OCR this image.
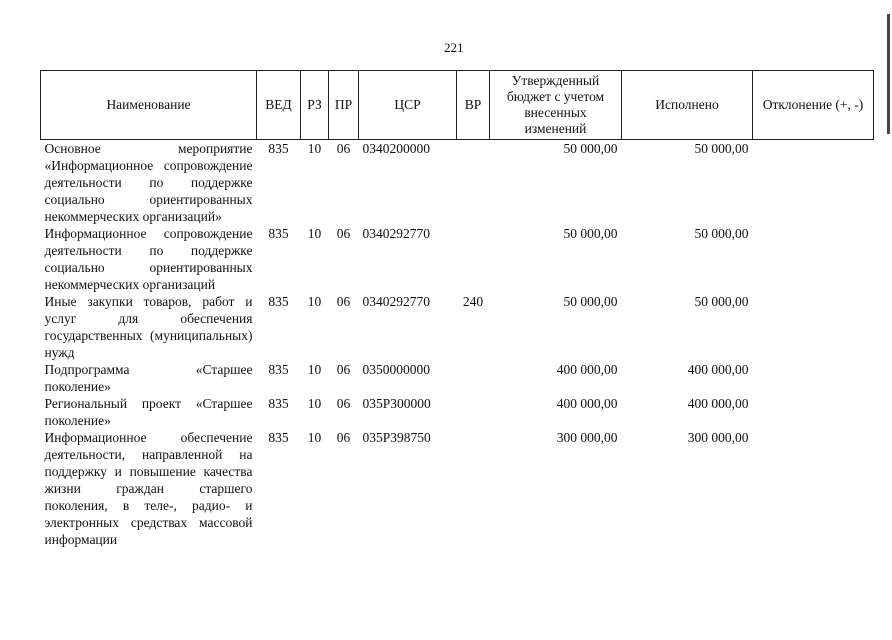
221
Наименование	ВЕД	РЗ	ПР	ЦСР	ВР	Утвержденный бюджет с учетом внесенных изменений	Исполнено	Отклонение (+, -)
Основное мероприятие «Информационное сопровождение деятельности по поддержке социально ориентированных некоммерческих организаций»	835	10	06	0340200000		50 000,00	50 000,00	
Информационное сопровождение деятельности по поддержке социально ориентированных некоммерческих организаций	835	10	06	0340292770		50 000,00	50 000,00	
Иные закупки товаров, работ и услуг для обеспечения государственных (муниципальных) нужд	835	10	06	0340292770	240	50 000,00	50 000,00	
Подпрограмма «Старшее поколение»	835	10	06	0350000000		400 000,00	400 000,00	
Региональный проект «Старшее поколение»	835	10	06	035P300000		400 000,00	400 000,00	
Информационное обеспечение деятельности, направленной на поддержку и повышение качества жизни граждан старшего поколения, в теле-, радио- и электронных средствах массовой информации	835	10	06	035P398750		300 000,00	300 000,00	
